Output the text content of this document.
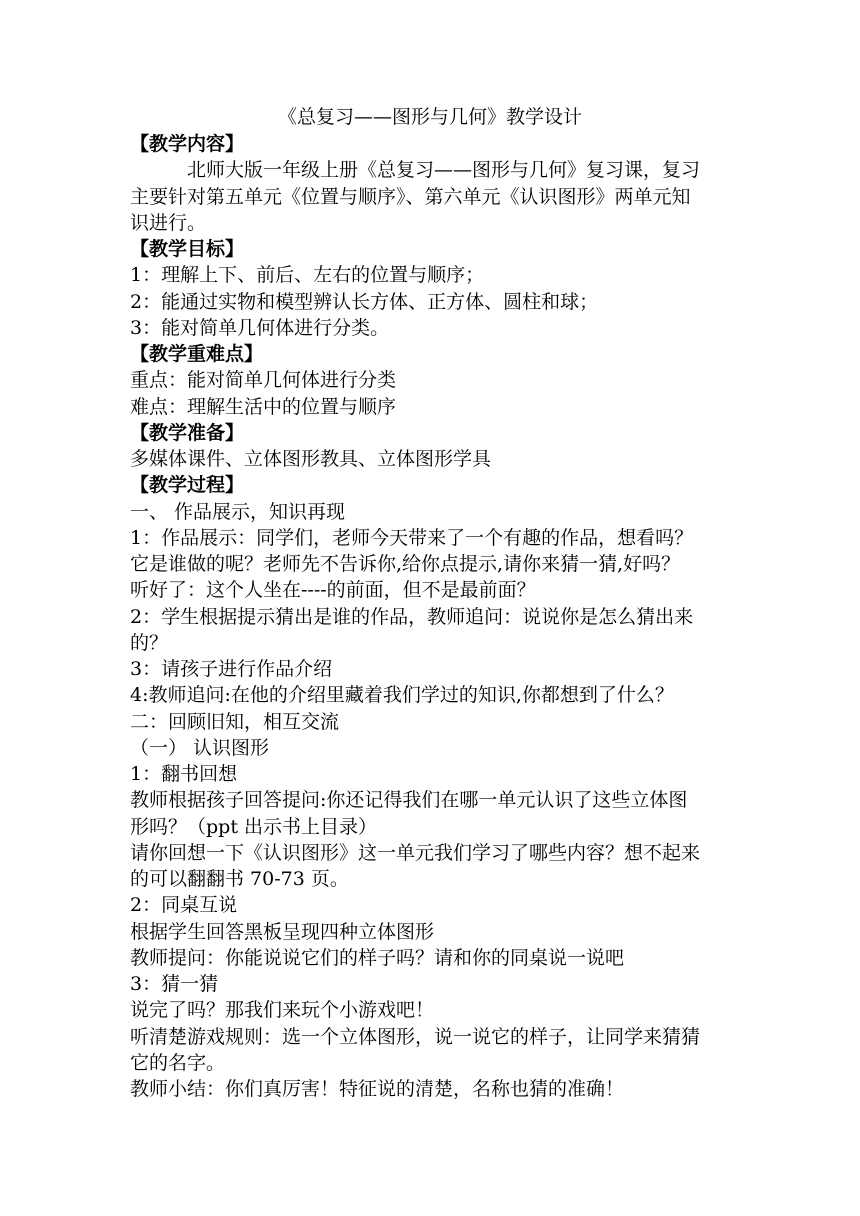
《总复习——图形与几何》教学设计
【教学内容】
北师大版一年级上册《总复习——图形与几何》复习课，复习
主要针对第五单元《位置与顺序》、第六单元《认识图形》两单元知
识进行。
【教学目标】
1：理解上下、前后、左右的位置与顺序；
2：能通过实物和模型辨认长方体、正方体、圆柱和球；
3：能对简单几何体进行分类。
【教学重难点】
重点：能对简单几何体进行分类
难点：理解生活中的位置与顺序
【教学准备】
多媒体课件、立体图形教具、立体图形学具
【教学过程】
一、 作品展示，知识再现
1：作品展示：同学们，老师今天带来了一个有趣的作品，想看吗？
它是谁做的呢？老师先不告诉你,给你点提示,请你来猜一猜,好吗？
听好了：这个人坐在----的前面，但不是最前面？
2：学生根据提示猜出是谁的作品，教师追问：说说你是怎么猜出来
的？
3：请孩子进行作品介绍
4:教师追问:在他的介绍里藏着我们学过的知识,你都想到了什么？
二：回顾旧知，相互交流
（一） 认识图形
1：翻书回想
教师根据孩子回答提问:你还记得我们在哪一单元认识了这些立体图
形吗？（ppt 出示书上目录）
请你回想一下《认识图形》这一单元我们学习了哪些内容？想不起来
的可以翻翻书 70-73 页。
2：同桌互说
根据学生回答黑板呈现四种立体图形
教师提问：你能说说它们的样子吗？请和你的同桌说一说吧
3：猜一猜
说完了吗？那我们来玩个小游戏吧！
听清楚游戏规则：选一个立体图形，说一说它的样子，让同学来猜猜
它的名字。
教师小结：你们真厉害！特征说的清楚，名称也猜的准确！
